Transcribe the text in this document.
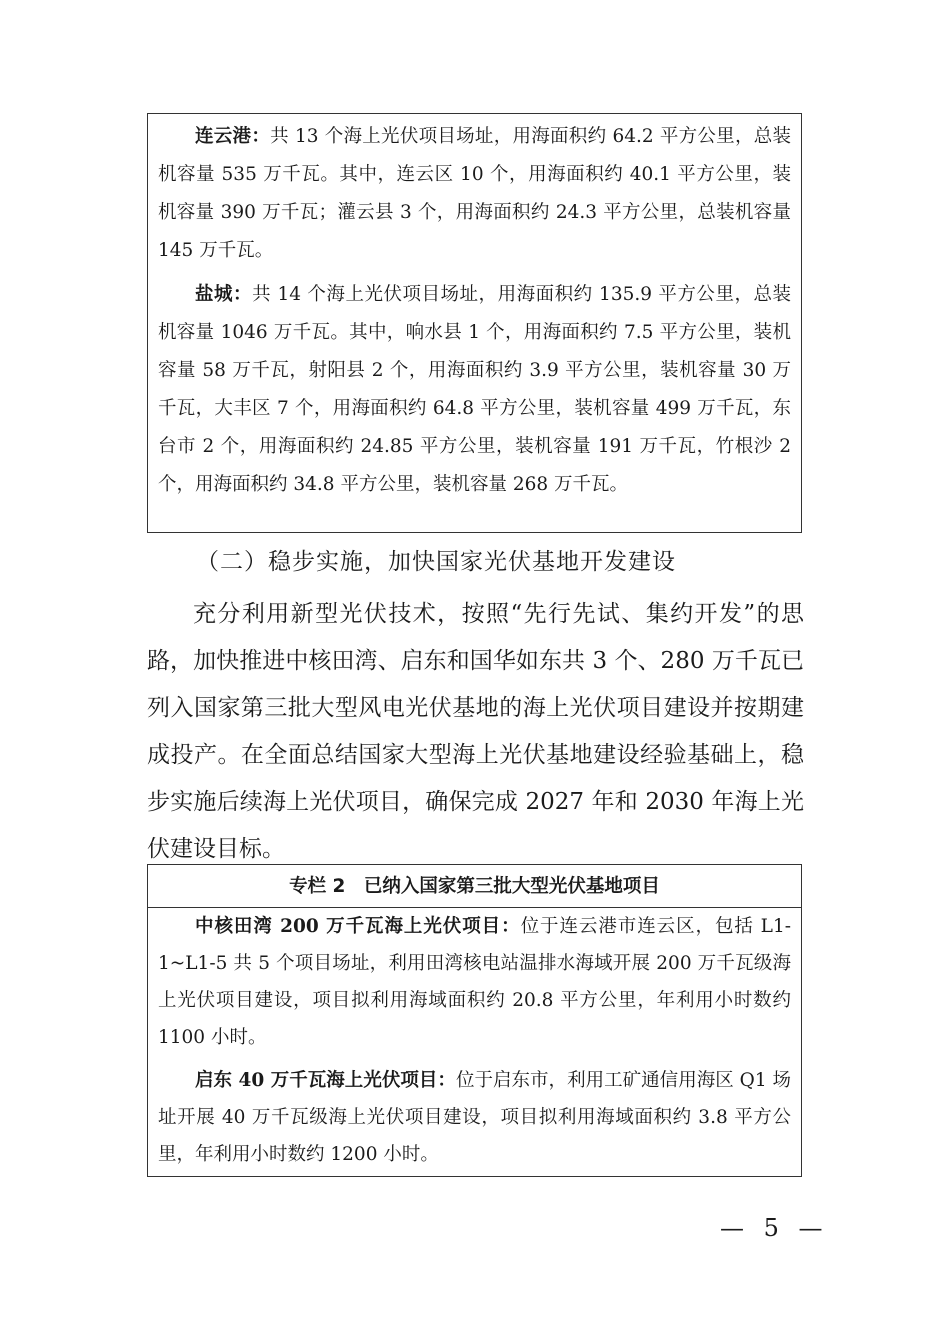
连云港：共 13 个海上光伏项目场址，用海面积约 64.2 平方公里，总装机容量 535 万千瓦。其中，连云区 10 个，用海面积约 40.1 平方公里，装机容量 390 万千瓦；灌云县 3 个，用海面积约 24.3 平方公里，总装机容量 145 万千瓦。

盐城：共 14 个海上光伏项目场址，用海面积约 135.9 平方公里，总装机容量 1046 万千瓦。其中，响水县 1 个，用海面积约 7.5 平方公里，装机容量 58 万千瓦，射阳县 2 个，用海面积约 3.9 平方公里，装机容量 30 万千瓦，大丰区 7 个，用海面积约 64.8 平方公里，装机容量 499 万千瓦，东台市 2 个，用海面积约 24.85 平方公里，装机容量 191 万千瓦，竹根沙 2 个，用海面积约 34.8 平方公里，装机容量 268 万千瓦。

（二）稳步实施，加快国家光伏基地开发建设

充分利用新型光伏技术，按照“先行先试、集约开发”的思路，加快推进中核田湾、启东和国华如东共 3 个、280 万千瓦已列入国家第三批大型风电光伏基地的海上光伏项目建设并按期建成投产。在全面总结国家大型海上光伏基地建设经验基础上，稳步实施后续海上光伏项目，确保完成 2027 年和 2030 年海上光伏建设目标。

专栏 2　已纳入国家第三批大型光伏基地项目

中核田湾 200 万千瓦海上光伏项目：位于连云港市连云区，包括 L1-1~L1-5 共 5 个项目场址，利用田湾核电站温排水海域开展 200 万千瓦级海上光伏项目建设，项目拟利用海域面积约 20.8 平方公里，年利用小时数约 1100 小时。

启东 40 万千瓦海上光伏项目：位于启东市，利用工矿通信用海区 Q1 场址开展 40 万千瓦级海上光伏项目建设，项目拟利用海域面积约 3.8 平方公里，年利用小时数约 1200 小时。

— 5 —
